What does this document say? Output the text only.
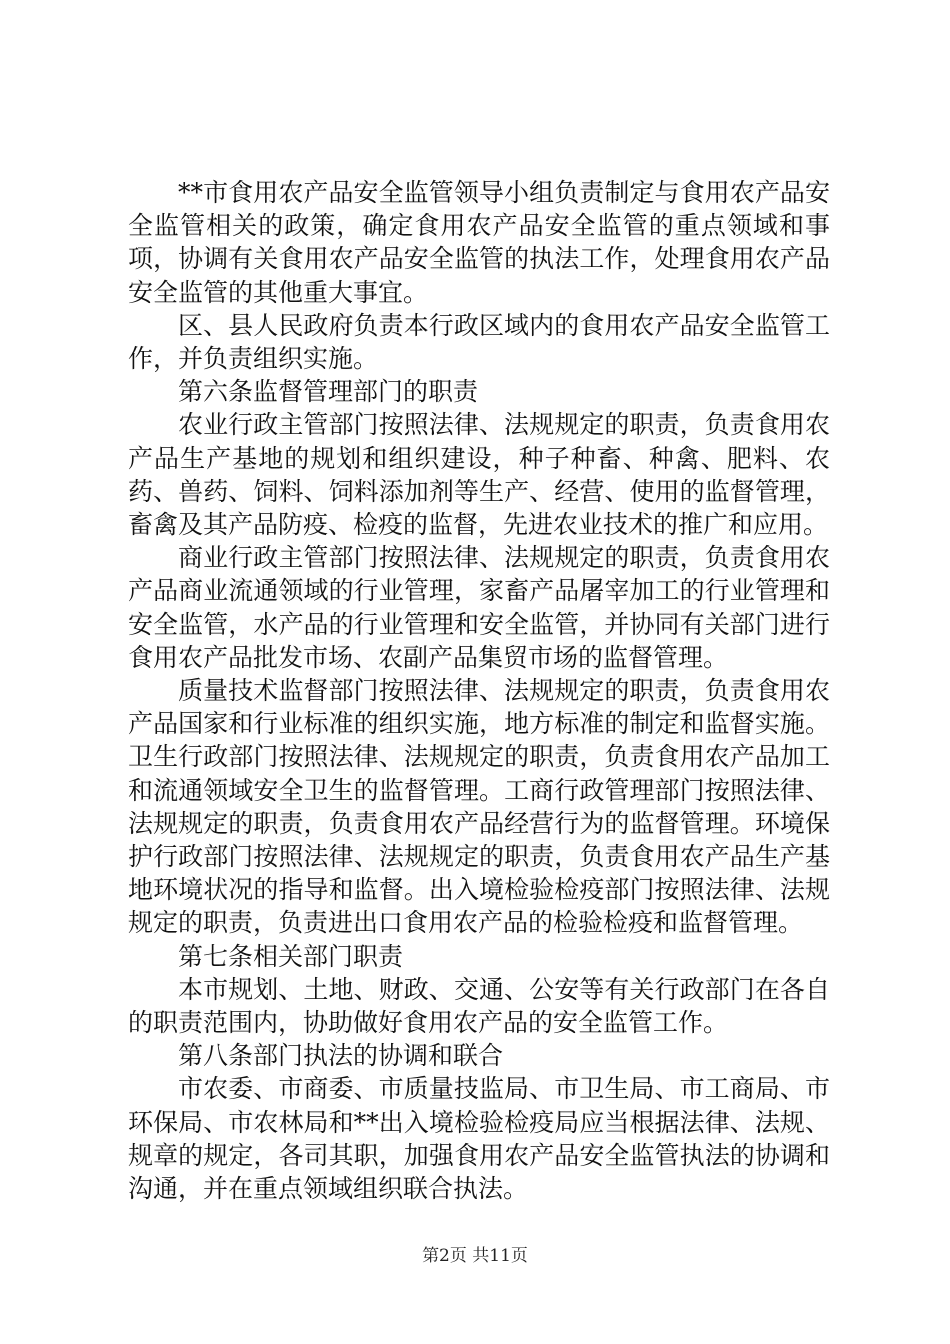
**市食用农产品安全监管领导小组负责制定与食用农产品安全监管相关的政策，确定食用农产品安全监管的重点领域和事项，协调有关食用农产品安全监管的执法工作，处理食用农产品安全监管的其他重大事宜。

区、县人民政府负责本行政区域内的食用农产品安全监管工作，并负责组织实施。

第六条监督管理部门的职责

农业行政主管部门按照法律、法规规定的职责，负责食用农产品生产基地的规划和组织建设，种子种畜、种禽、肥料、农药、兽药、饲料、饲料添加剂等生产、经营、使用的监督管理，畜禽及其产品防疫、检疫的监督，先进农业技术的推广和应用。

商业行政主管部门按照法律、法规规定的职责，负责食用农产品商业流通领域的行业管理，家畜产品屠宰加工的行业管理和安全监管，水产品的行业管理和安全监管，并协同有关部门进行食用农产品批发市场、农副产品集贸市场的监督管理。

质量技术监督部门按照法律、法规规定的职责，负责食用农产品国家和行业标准的组织实施，地方标准的制定和监督实施。卫生行政部门按照法律、法规规定的职责，负责食用农产品加工和流通领域安全卫生的监督管理。工商行政管理部门按照法律、法规规定的职责，负责食用农产品经营行为的监督管理。环境保护行政部门按照法律、法规规定的职责，负责食用农产品生产基地环境状况的指导和监督。出入境检验检疫部门按照法律、法规规定的职责，负责进出口食用农产品的检验检疫和监督管理。

第七条相关部门职责

本市规划、土地、财政、交通、公安等有关行政部门在各自的职责范围内，协助做好食用农产品的安全监管工作。

第八条部门执法的协调和联合

市农委、市商委、市质量技监局、市卫生局、市工商局、市环保局、市农林局和**出入境检验检疫局应当根据法律、法规、规章的规定，各司其职，加强食用农产品安全监管执法的协调和沟通，并在重点领域组织联合执法。

第2页 共11页
